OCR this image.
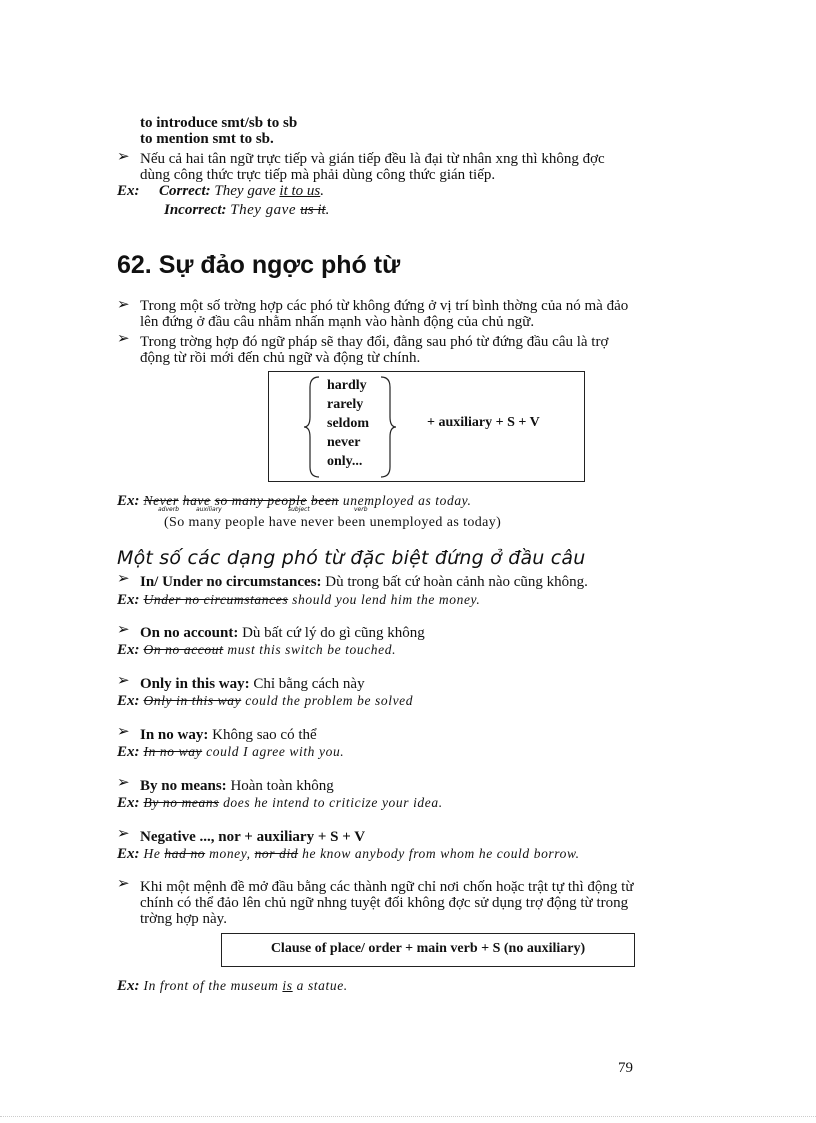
to introduce smt/sb to sb
to mention smt to sb.
➢ Nếu cả hai tân ngữ trực tiếp và gián tiếp đều là đại từ nhân xng thì không đợc
dùng công thức trực tiếp mà phải dùng công thức gián tiếp.
Ex: Correct: They gave it to us.
Incorrect: They gave us it.
62. Sự đảo ngợc phó từ
➢ Trong một số trờng hợp các phó từ không đứng ở vị trí bình thờng của nó mà đảo
lên đứng ở đầu câu nhằm nhấn mạnh vào hành động của chủ ngữ.
➢ Trong trờng hợp đó ngữ pháp sẽ thay đổi, đằng sau phó từ đứng đầu câu là trợ
động từ rồi mới đến chủ ngữ và động từ chính.
hardly
rarely
seldom
never
only...
+ auxiliary + S + V
Ex: Never have so many people been unemployed as today.
adverb	auxiliary	subject	verb
(So many people have never been unemployed as today)
Một số các dạng phó từ đặc biệt đứng ở đầu câu
➢ In/ Under no circumstances: Dù trong bất cứ hoàn cảnh nào cũng không.
Ex: Under no circumstances should you lend him the money.
➢ On no account: Dù bất cứ lý do gì cũng không
Ex: On no accout must this switch be touched.
➢ Only in this way: Chỉ bằng cách này
Ex: Only in this way could the problem be solved
➢ In no way: Không sao có thể
Ex: In no way could I agree with you.
➢ By no means: Hoàn toàn không
Ex: By no means does he intend to criticize your idea.
➢ Negative ..., nor + auxiliary + S + V
Ex: He had no money, nor did he know anybody from whom he could borrow.
➢ Khi một mệnh đề mở đầu bằng các thành ngữ chỉ nơi chốn hoặc trật tự thì động từ
chính có thể đảo lên chủ ngữ nhng tuyệt đối không đợc sử dụng trợ động từ trong
trờng hợp này.
Clause of place/ order + main verb + S (no auxiliary)
Ex: In front of the museum is a statue.
79
